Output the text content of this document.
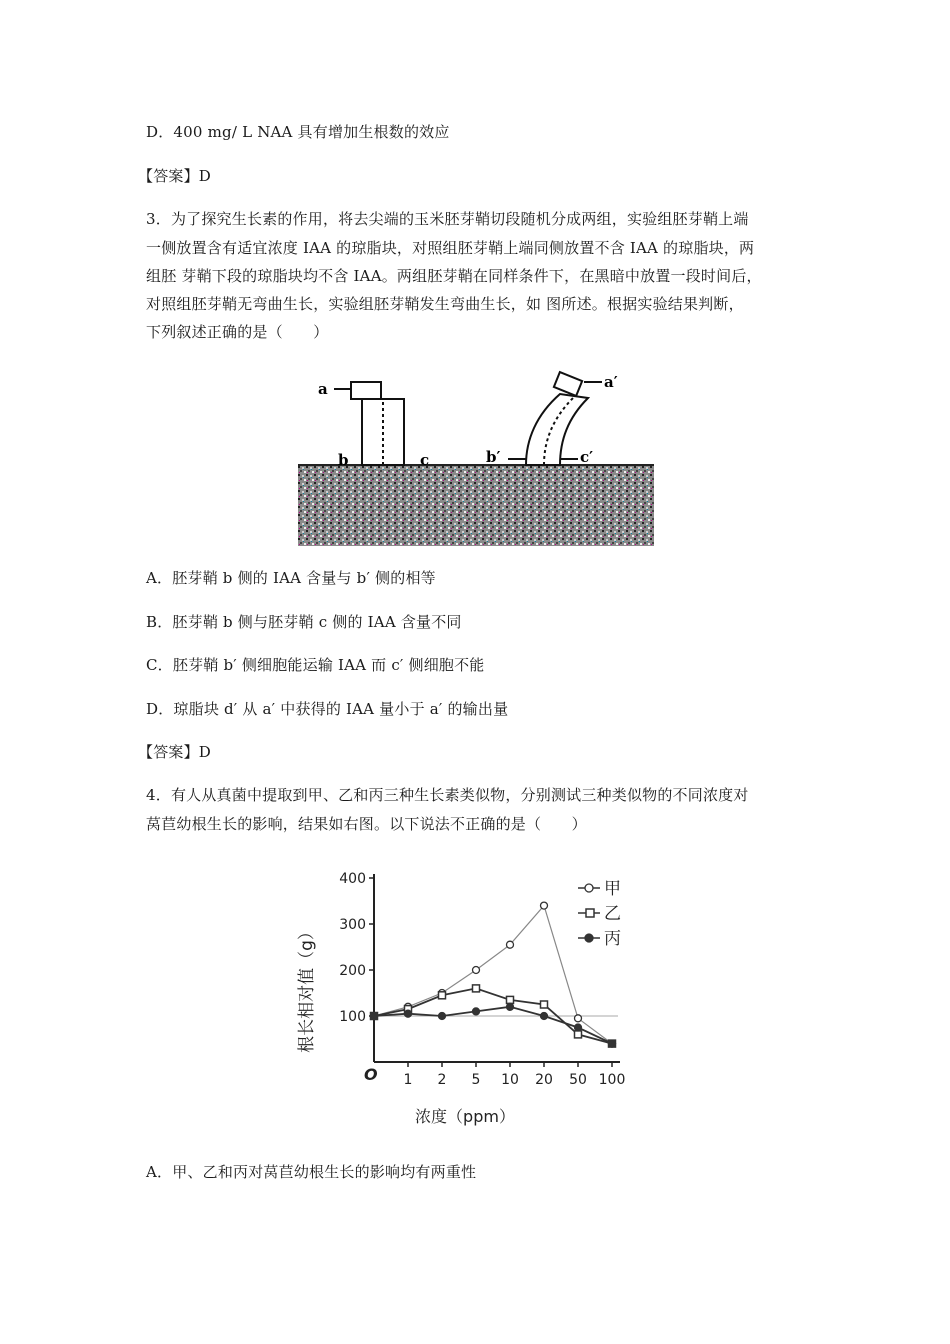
D．400 mg/ L NAA 具有增加生根数的效应
【答案】D
3．为了探究生长素的作用，将去尖端的玉米胚芽鞘切段随机分成两组，实验组胚芽鞘上端
一侧放置含有适宜浓度 IAA 的琼脂块，对照组胚芽鞘上端同侧放置不含 IAA 的琼脂块，两
组胚 芽鞘下段的琼脂块均不含 IAA。两组胚芽鞘在同样条件下，在黑暗中放置一段时间后，
对照组胚芽鞘无弯曲生长，实验组胚芽鞘发生弯曲生长，如 图所述。根据实验结果判断，
下列叙述正确的是（　　）
a
b	c
a′
b′	c′
A．胚芽鞘 b 侧的 IAA 含量与 b′ 侧的相等
B．胚芽鞘 b 侧与胚芽鞘 c 侧的 IAA 含量不同
C．胚芽鞘 b′ 侧细胞能运输 IAA 而 c′ 侧细胞不能
D．琼脂块 d′ 从 a′ 中获得的 IAA 量小于 a′ 的输出量
【答案】D
4．有人从真菌中提取到甲、乙和丙三种生长素类似物，分别测试三种类似物的不同浓度对
莴苣幼根生长的影响，结果如右图。以下说法不正确的是（　　）
100
200
300
400
1 2 5 10 20 50 100
甲
乙
丙
浓度（ppm）
根长相对值（g）
O
A．甲、乙和丙对莴苣幼根生长的影响均有两重性
